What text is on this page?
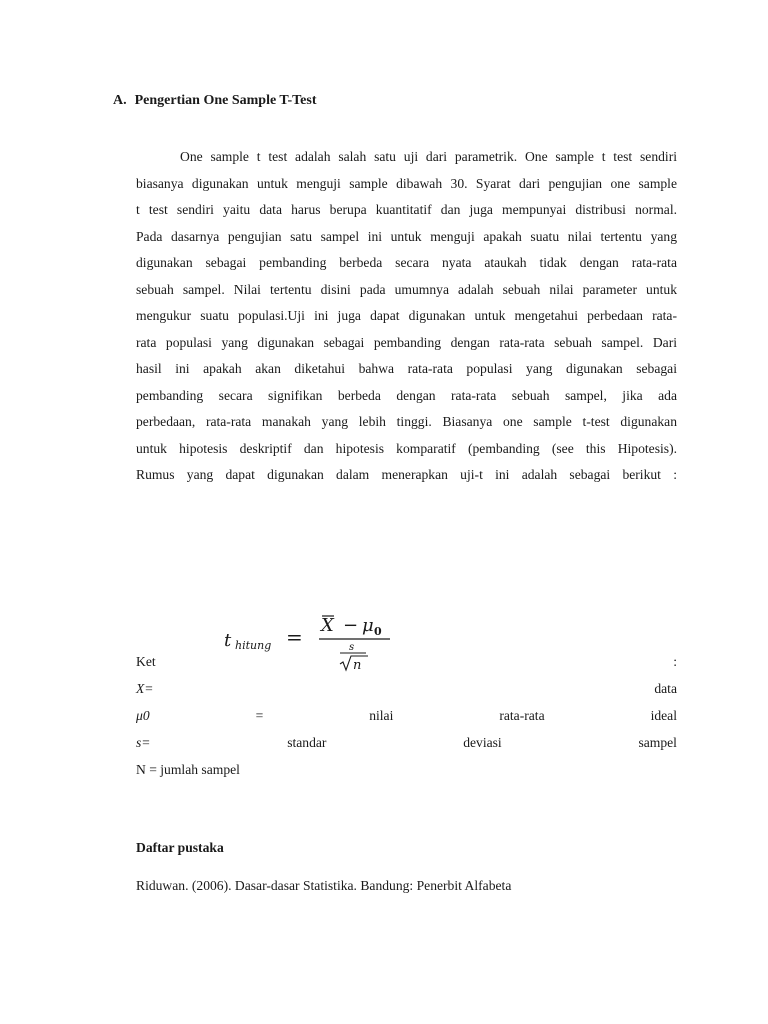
A. Pengertian One Sample T-Test
One sample t test adalah salah satu uji dari parametrik. One sample t test sendiri
biasanya digunakan untuk menguji sample dibawah 30. Syarat dari pengujian one sample
t test sendiri yaitu data harus berupa kuantitatif dan juga mempunyai distribusi normal.
Pada dasarnya pengujian satu sampel ini untuk menguji apakah suatu nilai tertentu yang
digunakan sebagai pembanding berbeda secara nyata ataukah tidak dengan rata-rata
sebuah sampel. Nilai tertentu disini pada umumnya adalah sebuah nilai parameter untuk
mengukur suatu populasi.Uji ini juga dapat digunakan untuk mengetahui perbedaan rata-
rata populasi yang digunakan sebagai pembanding dengan rata-rata sebuah sampel. Dari
hasil ini apakah akan diketahui bahwa rata-rata populasi yang digunakan sebagai
pembanding secara signifikan berbeda dengan rata-rata sebuah sampel, jika ada
perbedaan, rata-rata manakah yang lebih tinggi. Biasanya one sample t-test digunakan
untuk hipotesis deskriptif dan hipotesis komparatif (pembanding (see this Hipotesis).
Rumus yang dapat digunakan dalam menerapkan uji-t ini adalah sebagai berikut :
t hitung = X − μ 0
s
n
Ket	:
X=	data
μ0	=	nilai	rata-rata	ideal
s=	standar	deviasi	sampel
N = jumlah sampel
Daftar pustaka
Riduwan. (2006). Dasar-dasar Statistika. Bandung: Penerbit Alfabeta
